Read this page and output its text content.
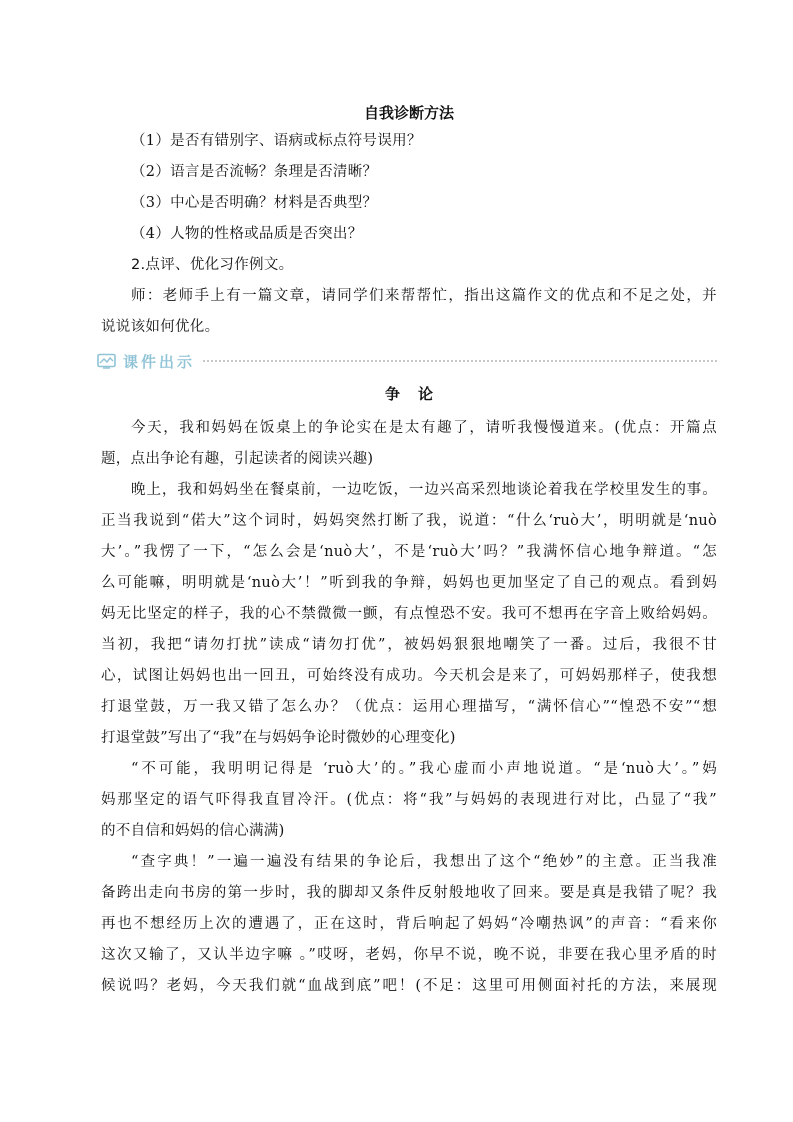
自我诊断方法
（1）是否有错别字、语病或标点符号误用？
（2）语言是否流畅？条理是否清晰？
（3）中心是否明确？材料是否典型？
（4）人物的性格或品质是否突出？
2.点评、优化习作例文。
师：老师手上有一篇文章，请同学们来帮帮忙，指出这篇作文的优点和不足之处，并
说说该如何优化。
课件出示
争论
今天，我和妈妈在饭桌上的争论实在是太有趣了，请听我慢慢道来。(优点：开篇点
题，点出争论有趣，引起读者的阅读兴趣)
晚上，我和妈妈坐在餐桌前，一边吃饭，一边兴高采烈地谈论着我在学校里发生的事。
正当我说到“偌大”这个词时，妈妈突然打断了我，说道：“什么‘ruò大’，明明就是‘nuò
大’。”我愣了一下，“怎么会是‘nuò大’，不是‘ruò大’吗？”我满怀信心地争辩道。“怎
么可能嘛，明明就是‘nuò大’！”听到我的争辩，妈妈也更加坚定了自己的观点。看到妈
妈无比坚定的样子，我的心不禁微微一颤，有点惶恐不安。我可不想再在字音上败给妈妈。
当初，我把“请勿打扰”读成“请勿打优”，被妈妈狠狠地嘲笑了一番。过后，我很不甘
心，试图让妈妈也出一回丑，可始终没有成功。今天机会是来了，可妈妈那样子，使我想
打退堂鼓，万一我又错了怎么办？（优点：运用心理描写，“满怀信心”“惶恐不安”“想
打退堂鼓”写出了“我”在与妈妈争论时微妙的心理变化)
“不可能，我明明记得是 ‘ruò大’的。”我心虚而小声地说道。“是‘nuò大’。”妈
妈那坚定的语气吓得我直冒冷汗。(优点：将“我”与妈妈的表现进行对比，凸显了“我”
的不自信和妈妈的信心满满)
“查字典！”一遍一遍没有结果的争论后，我想出了这个“绝妙”的主意。正当我准
备跨出走向书房的第一步时，我的脚却又条件反射般地收了回来。要是真是我错了呢？我
再也不想经历上次的遭遇了，正在这时，背后响起了妈妈“冷嘲热讽”的声音：“看来你
这次又输了，又认半边字嘛 。”哎呀，老妈，你早不说，晚不说，非要在我心里矛盾的时
候说吗？老妈，今天我们就“血战到底”吧！(不足：这里可用侧面衬托的方法，来展现
